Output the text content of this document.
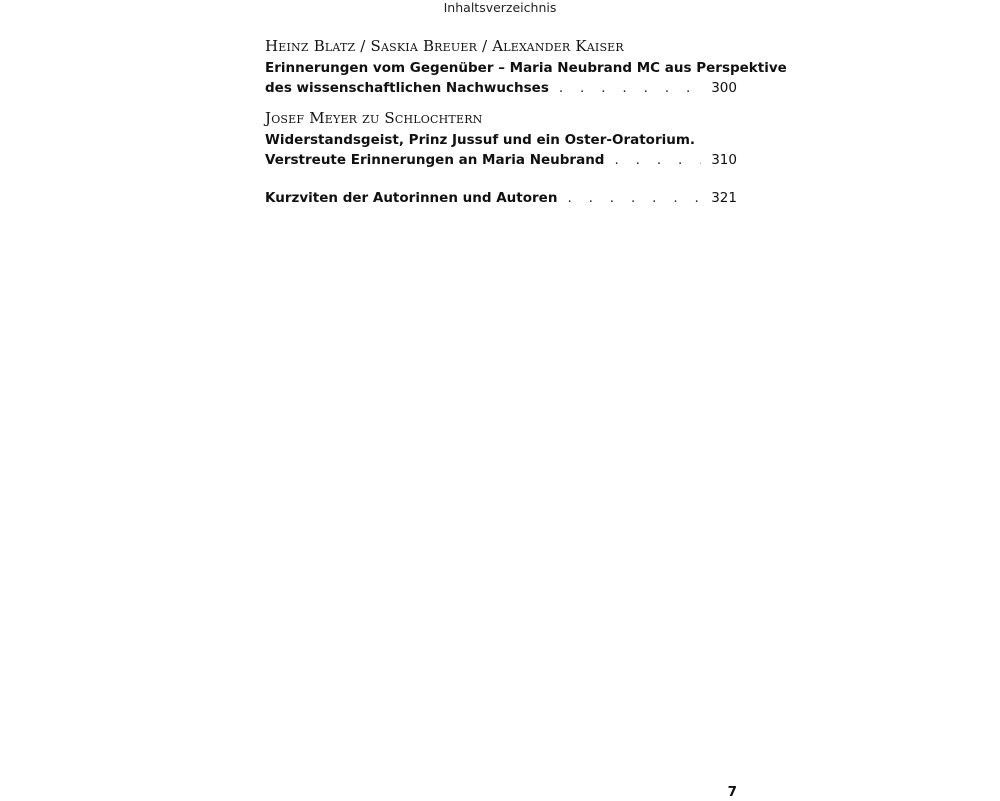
Inhaltsverzeichnis
Heinz Blatz / Saskia Breuer / Alexander Kaiser
Erinnerungen vom Gegenüber – Maria Neubrand MC aus Perspektive
des wissenschaftlichen Nachwuchses . . .	300
Josef Meyer zu Schlochtern
Widerstandsgeist, Prinz Jussuf und ein Oster-Oratorium.
Verstreute Erinnerungen an Maria Neubrand . . .	310
Kurzviten der Autorinnen und Autoren . . .	321
7
